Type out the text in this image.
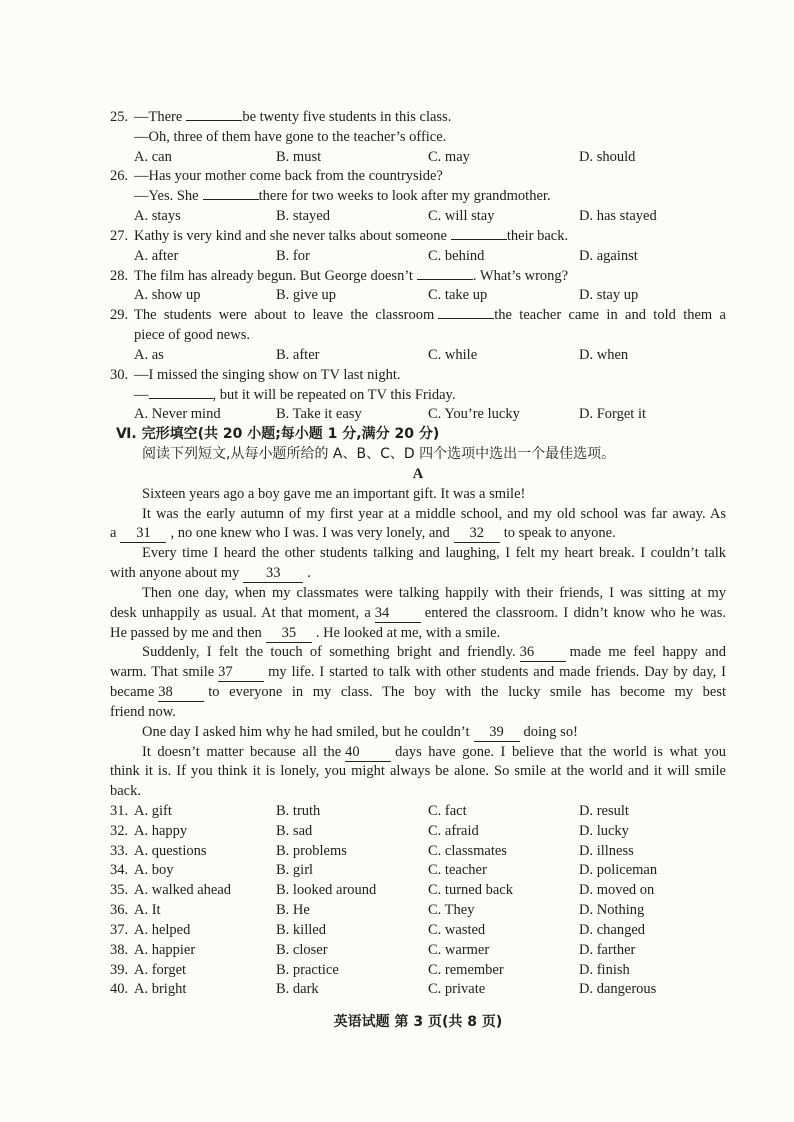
25. —There	be twenty five students in this class.
—Oh, three of them have gone to the teacher’s office.
A. can	B. must	C. may	D. should
26. —Has your mother come back from the countryside?
—Yes. She	there for two weeks to look after my grandmother.
A. stays	B. stayed	C. will stay	D. has stayed
27. Kathy is very kind and she never talks about someone	their back.
A. after	B. for	C. behind	D. against
28. The film has already begun. But George doesn’t	. What’s wrong?
A. show up	B. give up	C. take up	D. stay up
29. The students were about to leave the classroom	the teacher came in and told them a
piece of good news.
A. as	B. after	C. while	D. when
30. —I missed the singing show on TV last night.
—	, but it will be repeated on TV this Friday.
A. Never mind	B. Take it easy	C. You’re lucky	D. Forget it
Ⅵ. 完形填空(共 20 小题;每小题 1 分,满分 20 分)
阅读下列短文,从每小题所给的 A、B、C、D 四个选项中选出一个最佳选项。
A
Sixteen years ago a boy gave me an important gift. It was a smile!
It was the early autumn of my first year at a middle school, and my old school was far away. As
a 31 , no one knew who I was. I was very lonely, and 32 to speak to anyone.
Every time I heard the other students talking and laughing, I felt my heart break. I couldn’t talk
with anyone about my 33 .
Then one day, when my classmates were talking happily with their friends, I was sitting at my
desk unhappily as usual. At that moment, a 34 entered the classroom. I didn’t know who he was.
He passed by me and then 35 . He looked at me, with a smile.
Suddenly, I felt the touch of something bright and friendly. 36 made me feel happy and
warm. That smile 37 my life. I started to talk with other students and made friends. Day by day, I
became 38 to everyone in my class. The boy with the lucky smile has become my best
friend now.
One day I asked him why he had smiled, but he couldn’t 39 doing so!
It doesn’t matter because all the 40 days have gone. I believe that the world is what you
think it is. If you think it is lonely, you might always be alone. So smile at the world and it will smile
back.
31. A. gift	B. truth	C. fact	D. result
32. A. happy	B. sad	C. afraid	D. lucky
33. A. questions	B. problems	C. classmates	D. illness
34. A. boy	B. girl	C. teacher	D. policeman
35. A. walked ahead	B. looked around	C. turned back	D. moved on
36. A. It	B. He	C. They	D. Nothing
37. A. helped	B. killed	C. wasted	D. changed
38. A. happier	B. closer	C. warmer	D. farther
39. A. forget	B. practice	C. remember	D. finish
40. A. bright	B. dark	C. private	D. dangerous
英语试题 第 3 页(共 8 页)
